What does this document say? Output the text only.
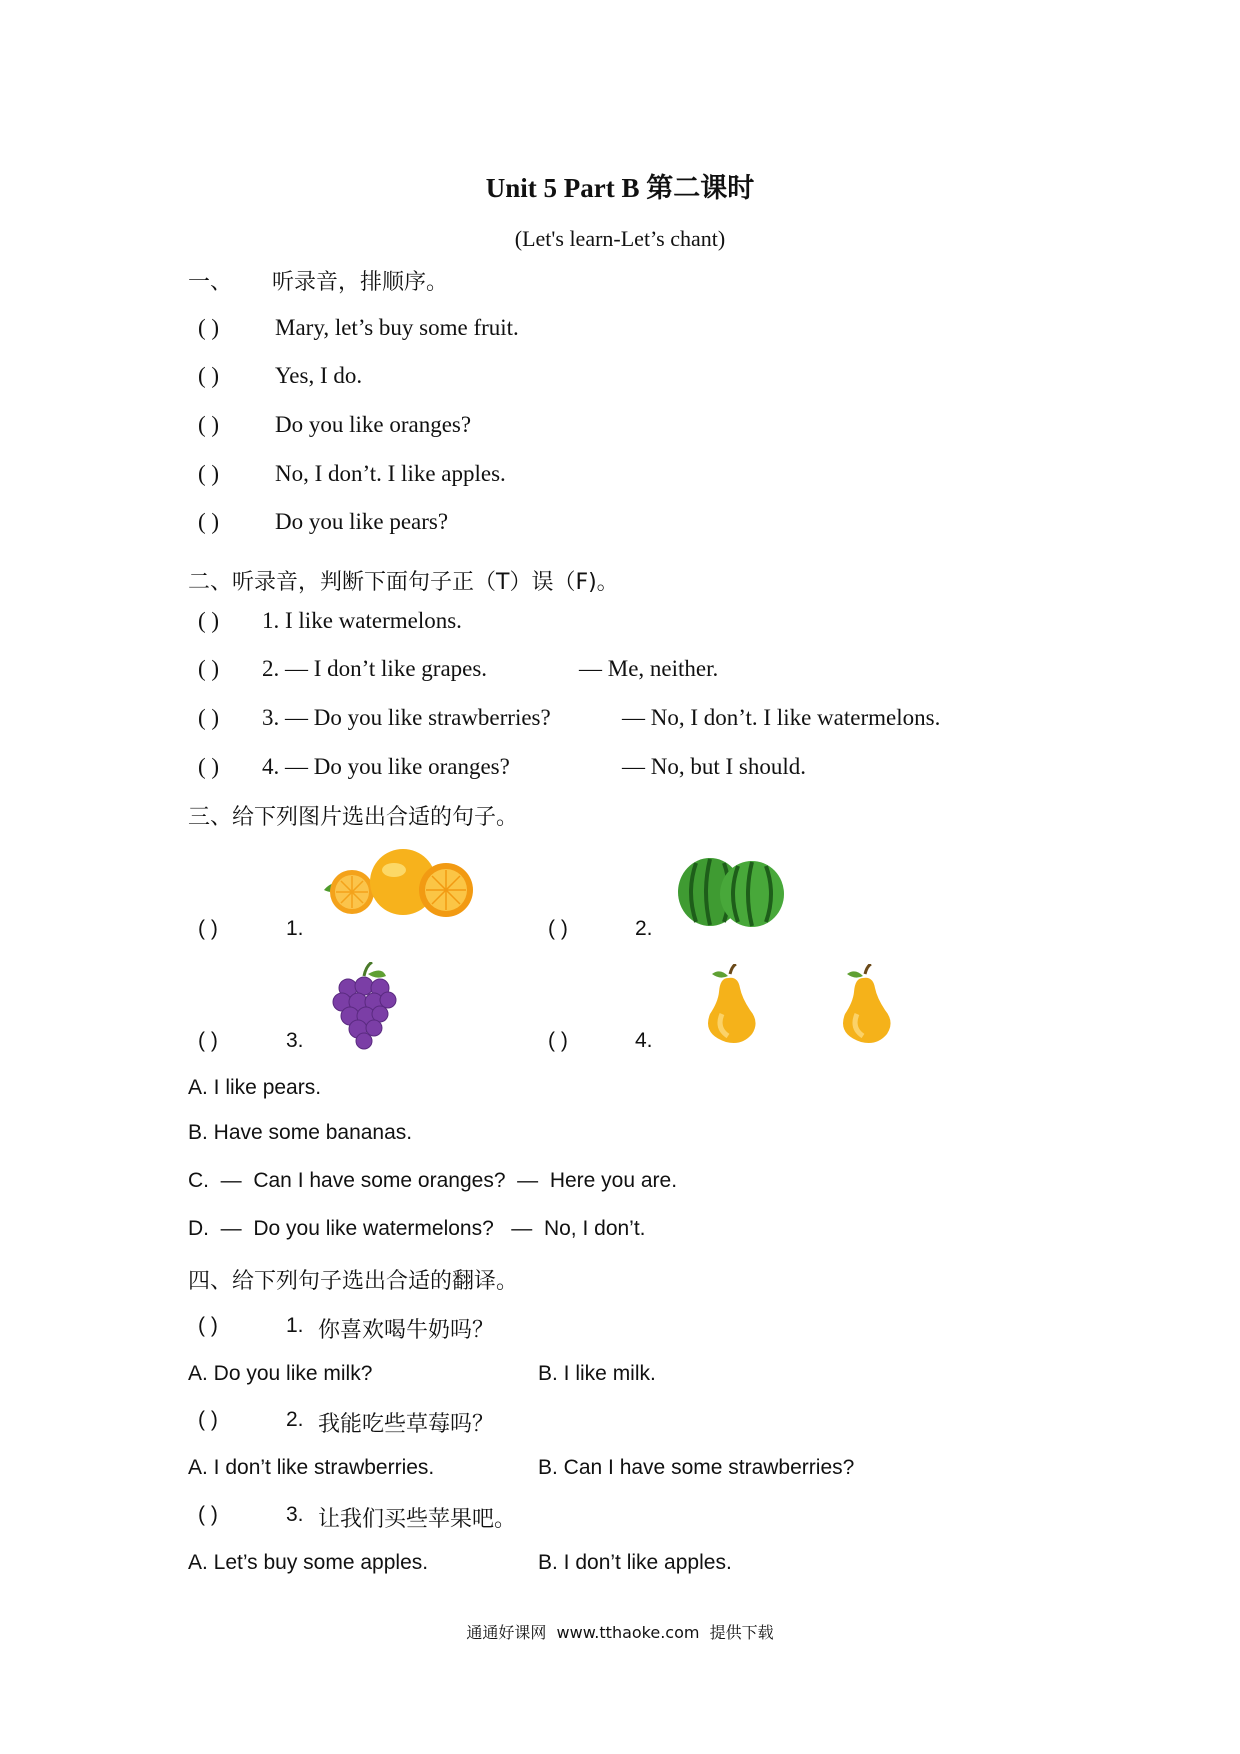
Unit 5 Part B 第二课时
(Let's learn-Let’s chant)
一、 听录音，排顺序。
( ) Mary, let’s buy some fruit.
( ) Yes, I do.
( ) Do you like oranges?
( ) No, I don’t. I like apples.
( ) Do you like pears?
二、听录音，判断下面句子正（T）误（F)。
( ) 1. I like watermelons.
( ) 2. — I don’t like grapes.	— Me, neither.
( ) 3. — Do you like strawberries?	— No, I don’t. I like watermelons.
( ) 4. — Do you like oranges?	— No, but I should.
三、给下列图片选出合适的句子。
( )	1.	( )	2.
( )	3.	( )	4.
A. I like pears.
B. Have some bananas.
C.  —  Can I have some oranges?  —  Here you are.
D.  —  Do you like watermelons?   —  No, I don’t.
四、给下列句子选出合适的翻译。
( )	1. 你喜欢喝牛奶吗？
A. Do you like milk?	B. I like milk.
( )	2. 我能吃些草莓吗？
A. I don’t like strawberries.	B. Can I have some strawberries?
( )	3. 让我们买些苹果吧。
A. Let’s buy some apples.	B. I don’t like apples.
通通好课网  www.tthaoke.com  提供下载
